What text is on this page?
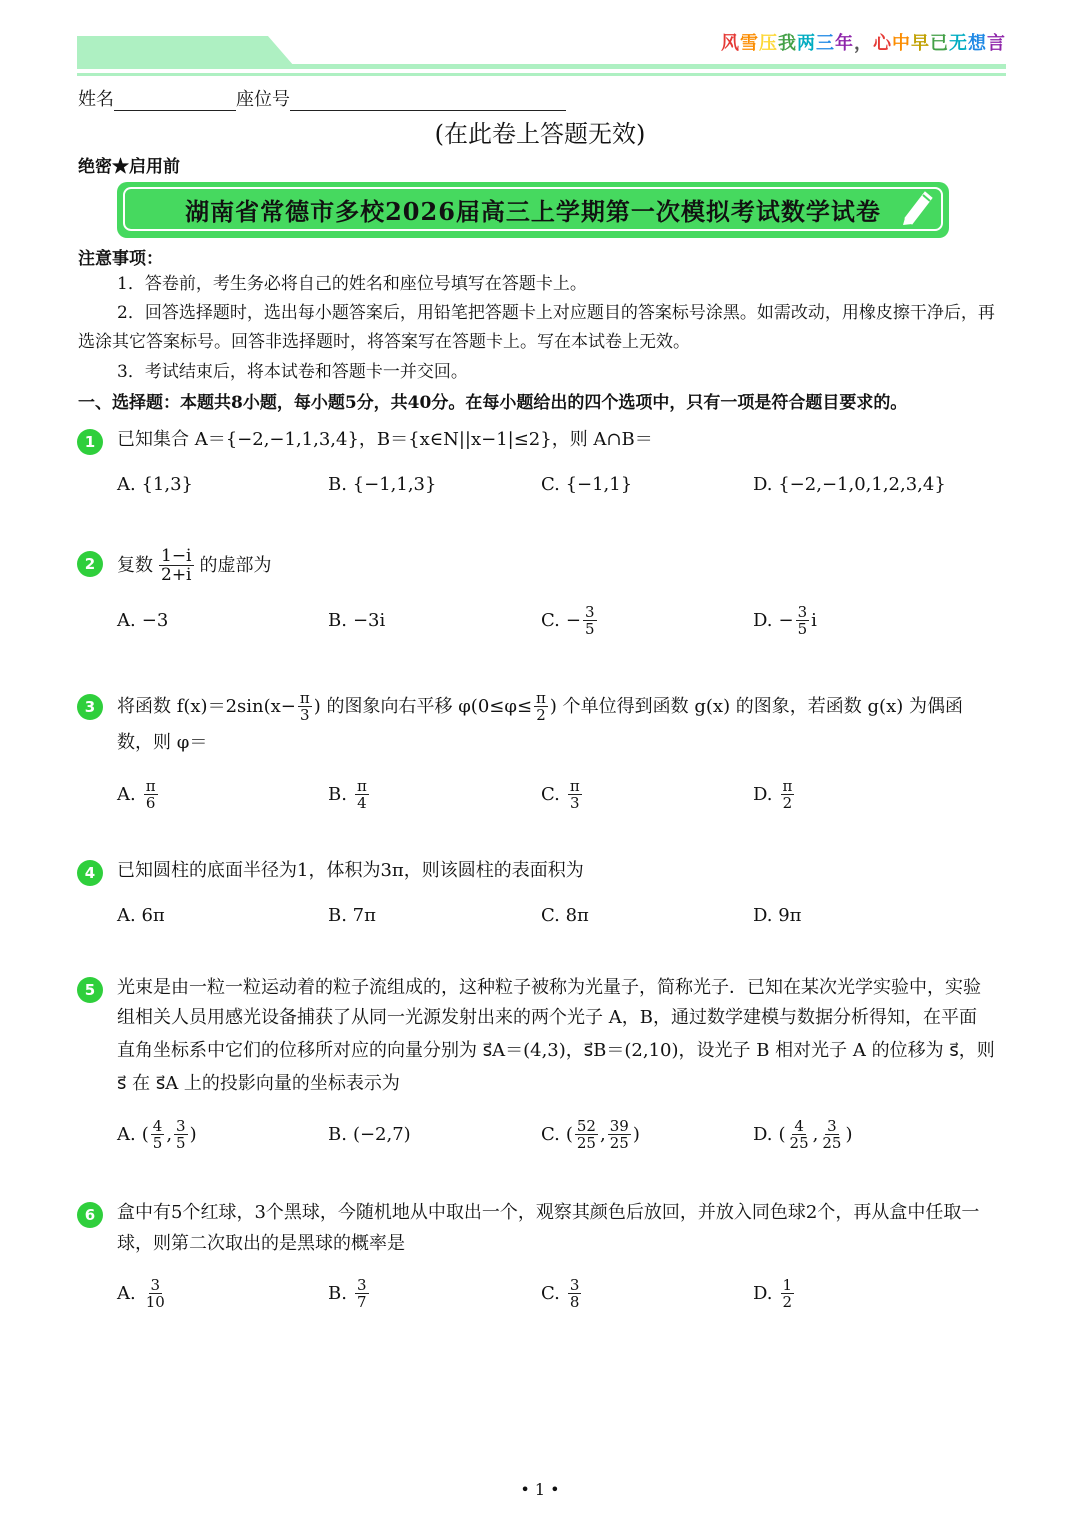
风雪压我两三年，心中早已无想言
姓名	座位号
(在此卷上答题无效)
绝密★启用前
湖南省常德市多校2026届高三上学期第一次模拟考试数学试卷
注意事项：
1．答卷前，考生务必将自己的姓名和座位号填写在答题卡上。
2．回答选择题时，选出每小题答案后，用铅笔把答题卡上对应题目的答案标号涂黑。如需改动，用橡皮擦干净后，再选涂其它答案标号。回答非选择题时，将答案写在答题卡上。写在本试卷上无效。
3．考试结束后，将本试卷和答题卡一并交回。
一、选择题：本题共8小题，每小题5分，共40分。在每小题给出的四个选项中，只有一项是符合题目要求的。
1	已知集合 A＝{−2,−1,1,3,4}，B＝{x∈N||x−1|≤2}，则 A∩B＝
A. {1,3}	B. {−1,1,3}	C. {−1,1}	D. {−2,−1,0,1,2,3,4}
2	复数 $\frac{1-i}{2+i}$ 的虚部为
A. −3	B. −3i	C. − $\frac{3}{5}$	D. − $\frac{3}{5}$ i
3	将函数 $f(x)=2\sin(x- \frac{\pi}{3}$ ) 的图象向右平移 $\varphi(0\le\varphi\le \frac{\pi}{2}$ ) 个单位得到函数 g(x) 的图象，若函数 g(x) 为偶函
数，则 φ＝
A. $\frac{\pi}{6}$	B. $\frac{\pi}{4}$	C. $\frac{\pi}{3}$	D. $\frac{\pi}{2}$
4	已知圆柱的底面半径为1，体积为3π，则该圆柱的表面积为
A. 6π	B. 7π	C. 8π	D. 9π
5	光束是由一粒一粒运动着的粒子流组成的，这种粒子被称为光量子，简称光子．已知在某次光学实验中，实验
组相关人员用感光设备捕获了从同一光源发射出来的两个光子 A，B，通过数学建模与数据分析得知，在平面
直角坐标系中它们的位移所对应的向量分别为 s⃗A＝(4,3)，s⃗B＝(2,10)，设光子 B 相对光子 A 的位移为 s⃗，则
s⃗ 在 s⃗A 上的投影向量的坐标表示为
A. ( $\frac{4}{5}$ , $\frac{3}{5}$ )	B. (−2,7)	C. ( $\frac{52}{25}$ , $\frac{39}{25}$ )	D. ( $\frac{4}{25}$ , $\frac{3}{25}$ )
6	盒中有5个红球，3个黑球，今随机地从中取出一个，观察其颜色后放回，并放入同色球2个，再从盒中任取一
球，则第二次取出的是黑球的概率是
A. $\frac{3}{10}$	B. $\frac{3}{7}$	C. $\frac{3}{8}$	D. $\frac{1}{2}$
• 1 •
